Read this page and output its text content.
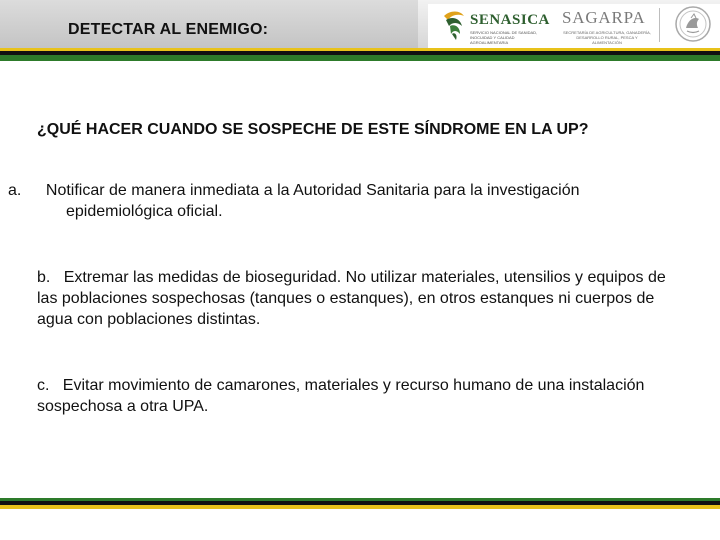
DETECTAR AL ENEMIGO:
SENASICA
SERVICIO NACIONAL DE SANIDAD, INOCUIDAD Y CALIDAD AGROALIMENTARIA
SAGARPA
SECRETARÍA DE AGRICULTURA, GANADERÍA, DESARROLLO RURAL, PESCA Y ALIMENTACIÓN

¿QUÉ HACER CUANDO SE SOSPECHE DE ESTE SÍNDROME EN LA UP?

a. Notificar de manera inmediata a la Autoridad Sanitaria para la investigación epidemiológica oficial.

b. Extremar las medidas de bioseguridad. No utilizar materiales, utensilios y equipos de las poblaciones sospechosas (tanques o estanques), en otros estanques ni cuerpos de agua con poblaciones distintas.

c. Evitar movimiento de camarones, materiales y recurso humano de una instalación sospechosa a otra UPA.
